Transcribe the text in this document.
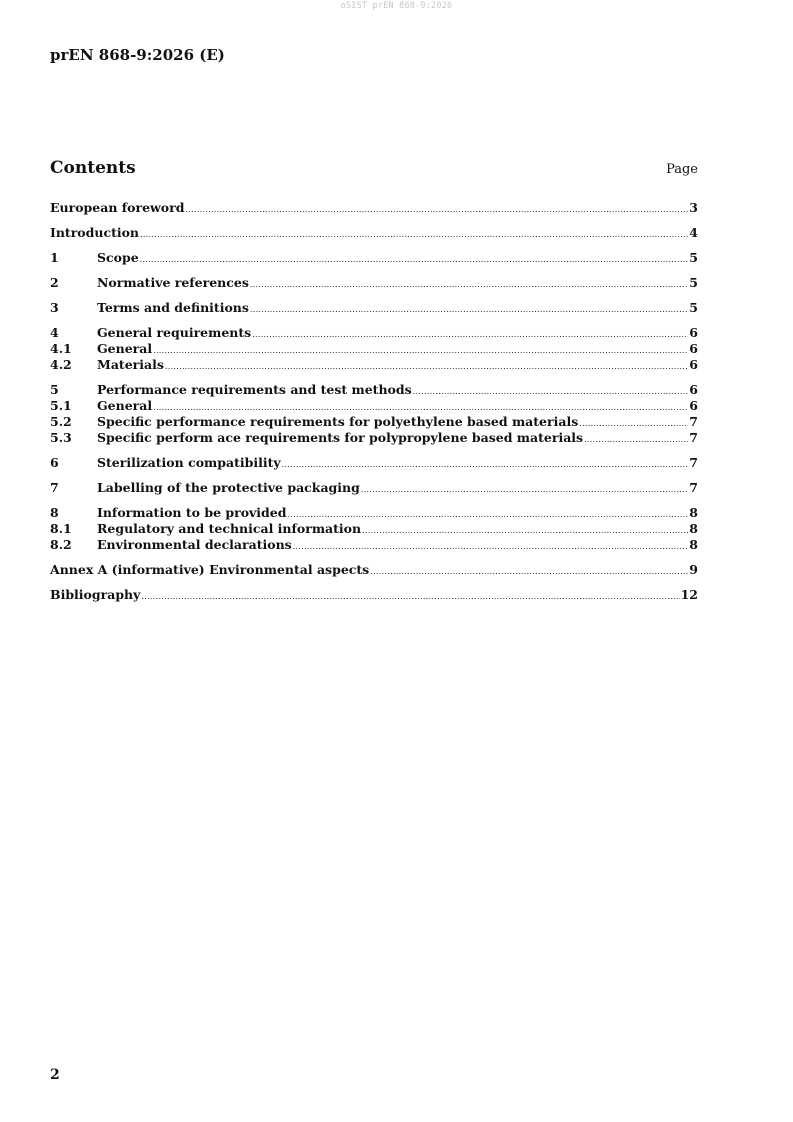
oSIST prEN 868-9:2026
prEN 868-9:2026 (E)
Contents	Page
European foreword .....	3
Introduction .....	4
1	Scope .....	5
2	Normative references .....	5
3	Terms and definitions .....	5
4	General requirements .....	6
4.1	General .....	6
4.2	Materials .....	6
5	Performance requirements and test methods .....	6
5.1	General .....	6
5.2	Specific performance requirements for polyethylene based materials .....	7
5.3	Specific perform ace requirements for polypropylene based materials .....	7
6	Sterilization compatibility .....	7
7	Labelling of the protective packaging .....	7
8	Information to be provided .....	8
8.1	Regulatory and technical information .....	8
8.2	Environmental declarations .....	8
Annex A (informative) Environmental aspects .....	9
Bibliography .....	12
2
